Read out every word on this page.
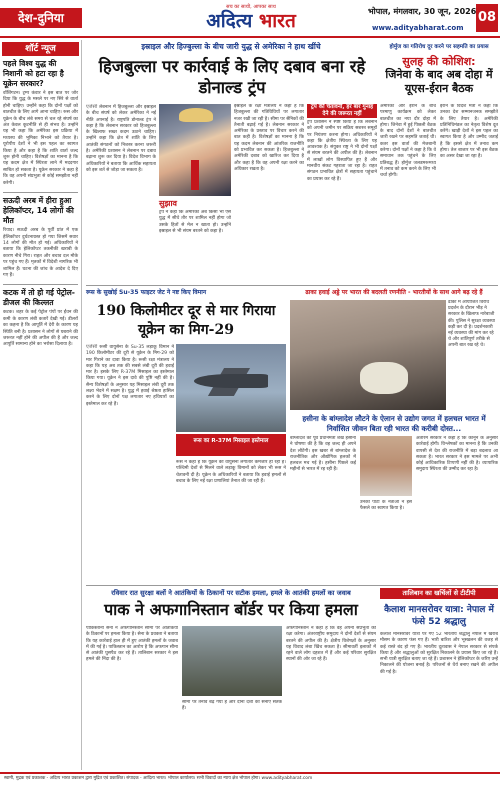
देश-दुनिया
सच का साथी, आपका साथ
अदित्य भारत	भोपाल, मंगलवार, 30 जून, 2026
www.adityabharat.com
08
शॉर्ट न्यूज
पहले विश्व युद्ध की निशानी को हटा रहा है यूक्रेन सरकार?
वॉशिंगटन। ट्रम्प कंवार ने इस बात पर जोर दिया कि युद्ध के मसले पर नए सिरे से वार्ता होनी चाहिए। उन्होंने कहा कि दोनों पक्षों को बातचीत के लिए आगे आना चाहिए। रूस और यूक्रेन के बीच लंबे समय से चल रहे संघर्ष का अंत केवल कूटनीति से ही संभव है। उन्होंने यह भी कहा कि अमेरिका इस प्रक्रिया में मध्यस्थ की भूमिका निभाने को तैयार है। यूरोपीय देशों ने भी इस पहल का स्वागत किया है और कहा है कि शांति वार्ता जल्द शुरू होनी चाहिए। विशेषज्ञों का मानना है कि यह कदम क्षेत्र में स्थिरता लाने में मददगार साबित हो सकता है। यूक्रेन सरकार ने कहा है कि वह अपनी संप्रभुता से कोई समझौता नहीं करेगी।
सऊदी अरब में हीरा हुआ हेलिकॉप्टर, 14 लोगों की मौत
रियाद। सऊदी अरब के पूर्वी प्रांत में एक हेलिकॉप्टर दुर्घटनाग्रस्त हो गया जिसमें सवार 14 लोगों की मौत हो गई। अधिकारियों ने बताया कि हेलिकॉप्टर तकनीकी खराबी के कारण नीचे गिरा। राहत और बचाव दल मौके पर पहुंच गए हैं। मृतकों में विदेशी नागरिक भी शामिल हैं। घटना की जांच के आदेश दे दिए गए हैं।
कटक में तो हो गई पेट्रोल-डीजल की किल्लत
कटक। शहर के कई पेट्रोल पंपों पर ईंधन की कमी के कारण लंबी कतारें देखी गईं। डीलरों का कहना है कि आपूर्ति में देरी के कारण यह स्थिति बनी है। प्रशासन ने लोगों से घबराने की जरूरत नहीं होने की अपील की है और जल्द आपूर्ति सामान्य होने का भरोसा दिलाया है।
इस्राइल और हिज्बुल्ला के बीच जारी युद्ध से अमेरिका ने हाथ खींचे
हिजबुल्ला पर कार्रवाई के लिए दबाव बना रहे डोनाल्ड ट्रंप
एजेंसी लेबनान में हिजबुल्ला और इस्राइल के बीच संघर्ष को लेकर अमेरिका ने नई नीति अपनाई है। राष्ट्रपति डोनाल्ड ट्रंप ने कहा है कि लेबनान सरकार को हिजबुल्ला के खिलाफ सख्त कदम उठाने चाहिए। उन्होंने कहा कि क्षेत्र में शांति के लिए आतंकी संगठनों को निशस्त्र करना जरूरी है। अमेरिकी प्रशासन ने लेबनान पर दबाव बढ़ाना शुरू कर दिया है। विदेश विभाग के अधिकारियों ने बताया कि आर्थिक सहायता को इस शर्त से जोड़ा जा सकता है।
सुझाव
ट्रंप ने कहा कि अमेरिका अब किसी भी ऐसे युद्ध में सीधे तौर पर शामिल नहीं होगा जो उसके हितों से मेल न खाता हो। उन्होंने इस्राइल से भी संयम बरतने को कहा है।
इस्राइल के रक्षा मंत्रालय ने कहा है कि हिजबुल्ला की गतिविधियों पर लगातार नजर रखी जा रही है। सीमा पर सैनिकों की तैनाती बढ़ाई गई है। लेबनान सरकार ने अमेरिका के प्रस्ताव पर विचार करने की बात कही है। विशेषज्ञों का मानना है कि यह कदम लेबनान की आंतरिक राजनीति को प्रभावित कर सकता है। हिजबुल्ला ने अमेरिकी दबाव को खारिज कर दिया है और कहा है कि वह अपनी रक्षा करने का अधिकार रखता है।
ट्रंप की चेतावनी, हर बार गुनाह देने की जरूरत नहीं
ट्रंप प्रशासन ने स्पष्ट किया है कि लेबनान को अपनी जमीन पर सक्रिय सशस्त्र समूहों पर नियंत्रण करना होगा। अधिकारियों ने कहा कि क्षेत्रीय स्थिरता के लिए यह आवश्यक है। संयुक्त राष्ट्र ने भी दोनों पक्षों से संयम बरतने की अपील की है। लेबनान में लाखों लोग विस्थापित हुए हैं और मानवीय संकट गहराता जा रहा है। राहत संगठन प्रभावित क्षेत्रों में सहायता पहुंचाने का प्रयास कर रहे हैं।
होर्मुज का गतिरोध दूर करने पर सहमति का प्रयास
सुलह की कोशिश:
जिनेवा के बाद अब दोहा में यूएस-ईरान बैठक
अमेरिका और ईरान के बीच परमाणु कार्यक्रम को लेकर बातचीत का नया दौर दोहा में होगा। जिनेवा में हुई पिछली बैठक के बाद दोनों देशों ने बातचीत जारी रखने पर सहमति जताई थी। कतर इस वार्ता की मेजबानी करेगा। दोनों पक्षों ने कहा है कि वे समाधान तक पहुंचने के लिए प्रतिबद्ध हैं। होर्मुज जलडमरूमध्य में तनाव को कम करने के लिए भी चर्चा होगी।
ईरान के विदेश मंत्री ने कहा कि उनका देश सम्मानजनक समझौते के लिए तैयार है। अमेरिकी प्रतिनिधिमंडल का नेतृत्व विशेष दूत करेंगे। खाड़ी देशों ने इस पहल का स्वागत किया है और उम्मीद जताई है कि इससे क्षेत्र में तनाव कम होगा। तेल बाजार पर भी इस बैठक का असर देखा जा रहा है।
रूस के सुखोई Su-35 फाइटर जेट ने नष्ट किए विमान
190 किलोमीटर दूर से मार गिराया यूक्रेन का मिग-29
एजेंसी रूसी वायुसेना के Su-35 लड़ाकू विमान ने 190 किलोमीटर की दूरी से यूक्रेन के मिग-29 को मार गिराने का दावा किया है। रूसी रक्षा मंत्रालय ने कहा कि यह अब तक की सबसे लंबी दूरी की हवाई मार है। इसके लिए R-37M मिसाइल का इस्तेमाल किया गया। यूक्रेन ने इस दावे की पुष्टि नहीं की है। सैन्य विशेषज्ञों के अनुसार यह मिसाइल लंबी दूरी तक लक्ष्य भेदने में सक्षम है। युद्ध में हवाई श्रेष्ठता हासिल करने के लिए दोनों पक्ष लगातार नए हथियारों का इस्तेमाल कर रहे हैं।
रूस का R-37M मिसाइल इस्तेमाल
रूस ने कहा है कि यूक्रेन की वायुसेना लगातार कमजोर हो रही है। पश्चिमी देशों से मिलने वाले लड़ाकू विमानों को लेकर भी रूस ने चेतावनी दी है। यूक्रेन के अधिकारियों ने बताया कि हवाई हमलों से बचाव के लिए नई रक्षा प्रणालियां तैनात की जा रही हैं।
ढाका हवाई अड्डे पर भारत की बदलती रणनीति - भारतीयों के साथ आगे बढ़ रहे हैं
ढाका में आयोजित विरोध प्रदर्शन के दौरान भीड़ ने सरकार के खिलाफ नारेबाजी की। पुलिस ने सुरक्षा व्यवस्था कड़ी कर दी है। प्रदर्शनकारी नई व्यवस्था की मांग कर रहे थे और शांतिपूर्ण तरीके से अपनी बात रख रहे थे।
हसीना के बांग्लादेश लौटने के ऐलान से उद्योग जगत में हलचल भारत में निर्वासित जीवन बिता रही भारत की करीबी दोस्त...
बांग्लादेश की पूर्व प्रधानमंत्री शेख हसीना ने घोषणा की है कि वह जल्द ही अपने देश लौटेंगी। इस खबर से बांग्लादेश के राजनीतिक और औद्योगिक हलकों में हलचल मच गई है। हसीना पिछले कई महीनों से भारत में रह रही हैं।
उनकी पार्टी के नेताओं ने इस फैसले का स्वागत किया है।
अंतरिम सरकार ने कहा है कि कानून के अनुसार कार्रवाई होगी। विश्लेषकों का मानना है कि उनकी वापसी से देश की राजनीति में बड़ा बदलाव आ सकता है। भारत सरकार ने इस मामले पर अभी कोई आधिकारिक टिप्पणी नहीं की है। व्यापारिक समुदाय स्थिरता की उम्मीद कर रहा है।
रविवार रात सुरक्षा बलों ने आतंकियों के ठिकानों पर सटीक हमला, हमले के आतंकी हमलों का जवाब
पाक ने अफगानिस्तान बॉर्डर पर किया हमला
पाकिस्तानी सेना ने अफगानिस्तान सीमा पर आतंकियों के ठिकानों पर हमला किया है। सेना के प्रवक्ता ने बताया कि यह कार्रवाई हाल ही में हुए आतंकी हमलों के जवाब में की गई है। पाकिस्तान का आरोप है कि अफगान सीमा से आतंकी घुसपैठ कर रहे हैं। तालिबान सरकार ने इस हमले की निंदा की है।
सीमा पर तनाव बढ़ गया है और दोनों देशों की सेनाएं सतर्क हैं।
अफगानिस्तान ने कहा है कि वह अपनी संप्रभुता की रक्षा करेगा। अंतरराष्ट्रीय समुदाय ने दोनों देशों से संयम बरतने की अपील की है। क्षेत्रीय विशेषज्ञों के अनुसार यह विवाद लंबा खिंच सकता है। सीमावर्ती इलाकों में रहने वाले लोग दहशत में हैं और कई परिवार सुरक्षित स्थानों की ओर जा रहे हैं।
तालिबान का खर्चिलों से टीटीपी
कैलाश मानसरोवर यात्रा: नेपाल में फंसे 52 श्रद्धालु
कैलाश मानसरोवर यात्रा पर गए 52 भारतीय श्रद्धालु नेपाल में खराब मौसम के कारण फंस गए हैं। भारी बारिश और भूस्खलन की वजह से कई रास्ते बंद हो गए हैं। भारतीय दूतावास ने नेपाल सरकार से संपर्क किया है और श्रद्धालुओं को सुरक्षित निकालने के प्रयास किए जा रहे हैं। सभी यात्री सुरक्षित बताए जा रहे हैं। प्रशासन ने हेलिकॉप्टर के जरिए उन्हें निकालने की योजना बनाई है। परिजनों से धैर्य बनाए रखने की अपील की गई है।
स्वामी, मुद्रक एवं प्रकाशक - अदित्य भारत प्रकाशन द्वारा मुद्रित एवं प्रकाशित। संपादक - आदित्य भारत। भोपाल कार्यालय। सभी विवादों का न्याय क्षेत्र भोपाल होगा। www.adityabharat.com
